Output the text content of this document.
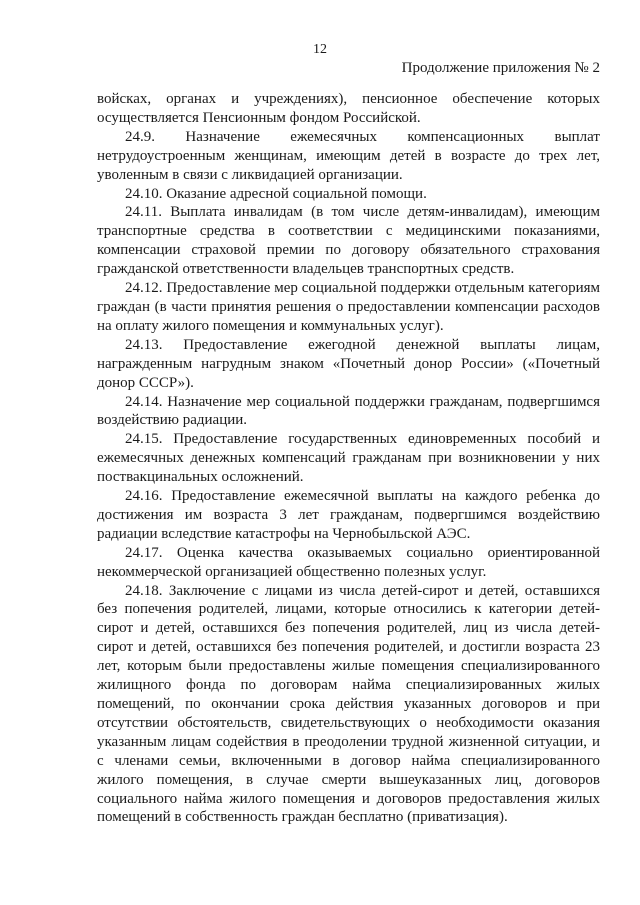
12
Продолжение приложения № 2

войсках, органах и учреждениях), пенсионное обеспечение которых осуществляется Пенсионным фондом Российской.

24.9. Назначение ежемесячных компенсационных выплат нетрудоустроенным женщинам, имеющим детей в возрасте до трех лет, уволенным в связи с ликвидацией организации.

24.10. Оказание адресной социальной помощи.

24.11. Выплата инвалидам (в том числе детям-инвалидам), имеющим транспортные средства в соответствии с медицинскими показаниями, компенсации страховой премии по договору обязательного страхования гражданской ответственности владельцев транспортных средств.

24.12. Предоставление мер социальной поддержки отдельным категориям граждан (в части принятия решения о предоставлении компенсации расходов на оплату жилого помещения и коммунальных услуг).

24.13. Предоставление ежегодной денежной выплаты лицам, награжденным нагрудным знаком «Почетный донор России» («Почетный донор СССР»).

24.14. Назначение мер социальной поддержки гражданам, подвергшимся воздействию радиации.

24.15. Предоставление государственных единовременных пособий и ежемесячных денежных компенсаций гражданам при возникновении у них поствакцинальных осложнений.

24.16. Предоставление ежемесячной выплаты на каждого ребенка до достижения им возраста 3 лет гражданам, подвергшимся воздействию радиации вследствие катастрофы на Чернобыльской АЭС.

24.17. Оценка качества оказываемых социально ориентированной некоммерческой организацией общественно полезных услуг.

24.18. Заключение с лицами из числа детей-сирот и детей, оставшихся без попечения родителей, лицами, которые относились к категории детей-сирот и детей, оставшихся без попечения родителей, лиц из числа детей-сирот и детей, оставшихся без попечения родителей, и достигли возраста 23 лет, которым были предоставлены жилые помещения специализированного жилищного фонда по договорам найма специализированных жилых помещений, по окончании срока действия указанных договоров и при отсутствии обстоятельств, свидетельствующих о необходимости оказания указанным лицам содействия в преодолении трудной жизненной ситуации, и с членами семьи, включенными в договор найма специализированного жилого помещения, в случае смерти вышеуказанных лиц, договоров социального найма жилого помещения и договоров предоставления жилых помещений в собственность граждан бесплатно (приватизация).
